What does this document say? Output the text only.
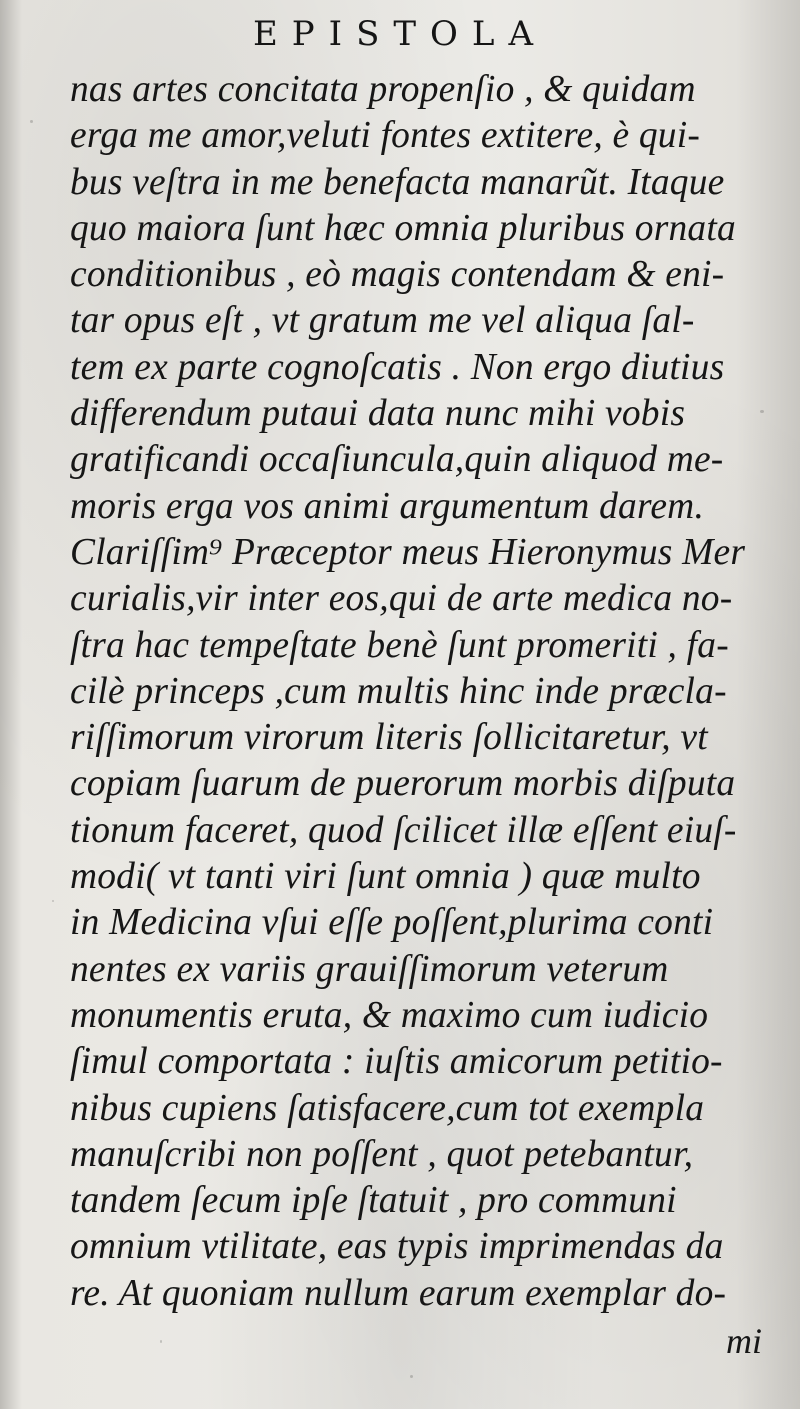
EPISTOLA
nas artes concitata propenſio , & quidam
erga me amor,veluti fontes extitere, è qui-
bus veſtra in me benefacta manarũt. Itaque
quo maiora ſunt hæc omnia pluribus ornata
conditionibus , eò magis contendam & eni-
tar opus eſt , vt gratum me vel aliqua ſal-
tem ex parte cognoſcatis . Non ergo diutius
differendum putaui data nunc mihi vobis
gratificandi occaſiuncula,quin aliquod me-
moris erga vos animi argumentum darem.
Clariſſim⁹ Præceptor meus Hieronymus Mer
curialis,vir inter eos,qui de arte medica no-
ſtra hac tempeſtate benè ſunt promeriti , fa-
cilè princeps ,cum multis hinc inde præcla-
riſſimorum virorum literis ſollicitaretur, vt
copiam ſuarum de puerorum morbis diſputa
tionum faceret, quod ſcilicet illæ eſſent eiuſ-
modi( vt tanti viri ſunt omnia ) quæ multo
in Medicina vſui eſſe poſſent,plurima conti
nentes ex variis grauiſſimorum veterum
monumentis eruta, & maximo cum iudicio
ſimul comportata : iuſtis amicorum petitio-
nibus cupiens ſatisfacere,cum tot exempla
manuſcribi non poſſent , quot petebantur,
tandem ſecum ipſe ſtatuit , pro communi
omnium vtilitate, eas typis imprimendas da
re. At quoniam nullum earum exemplar do-
mi
